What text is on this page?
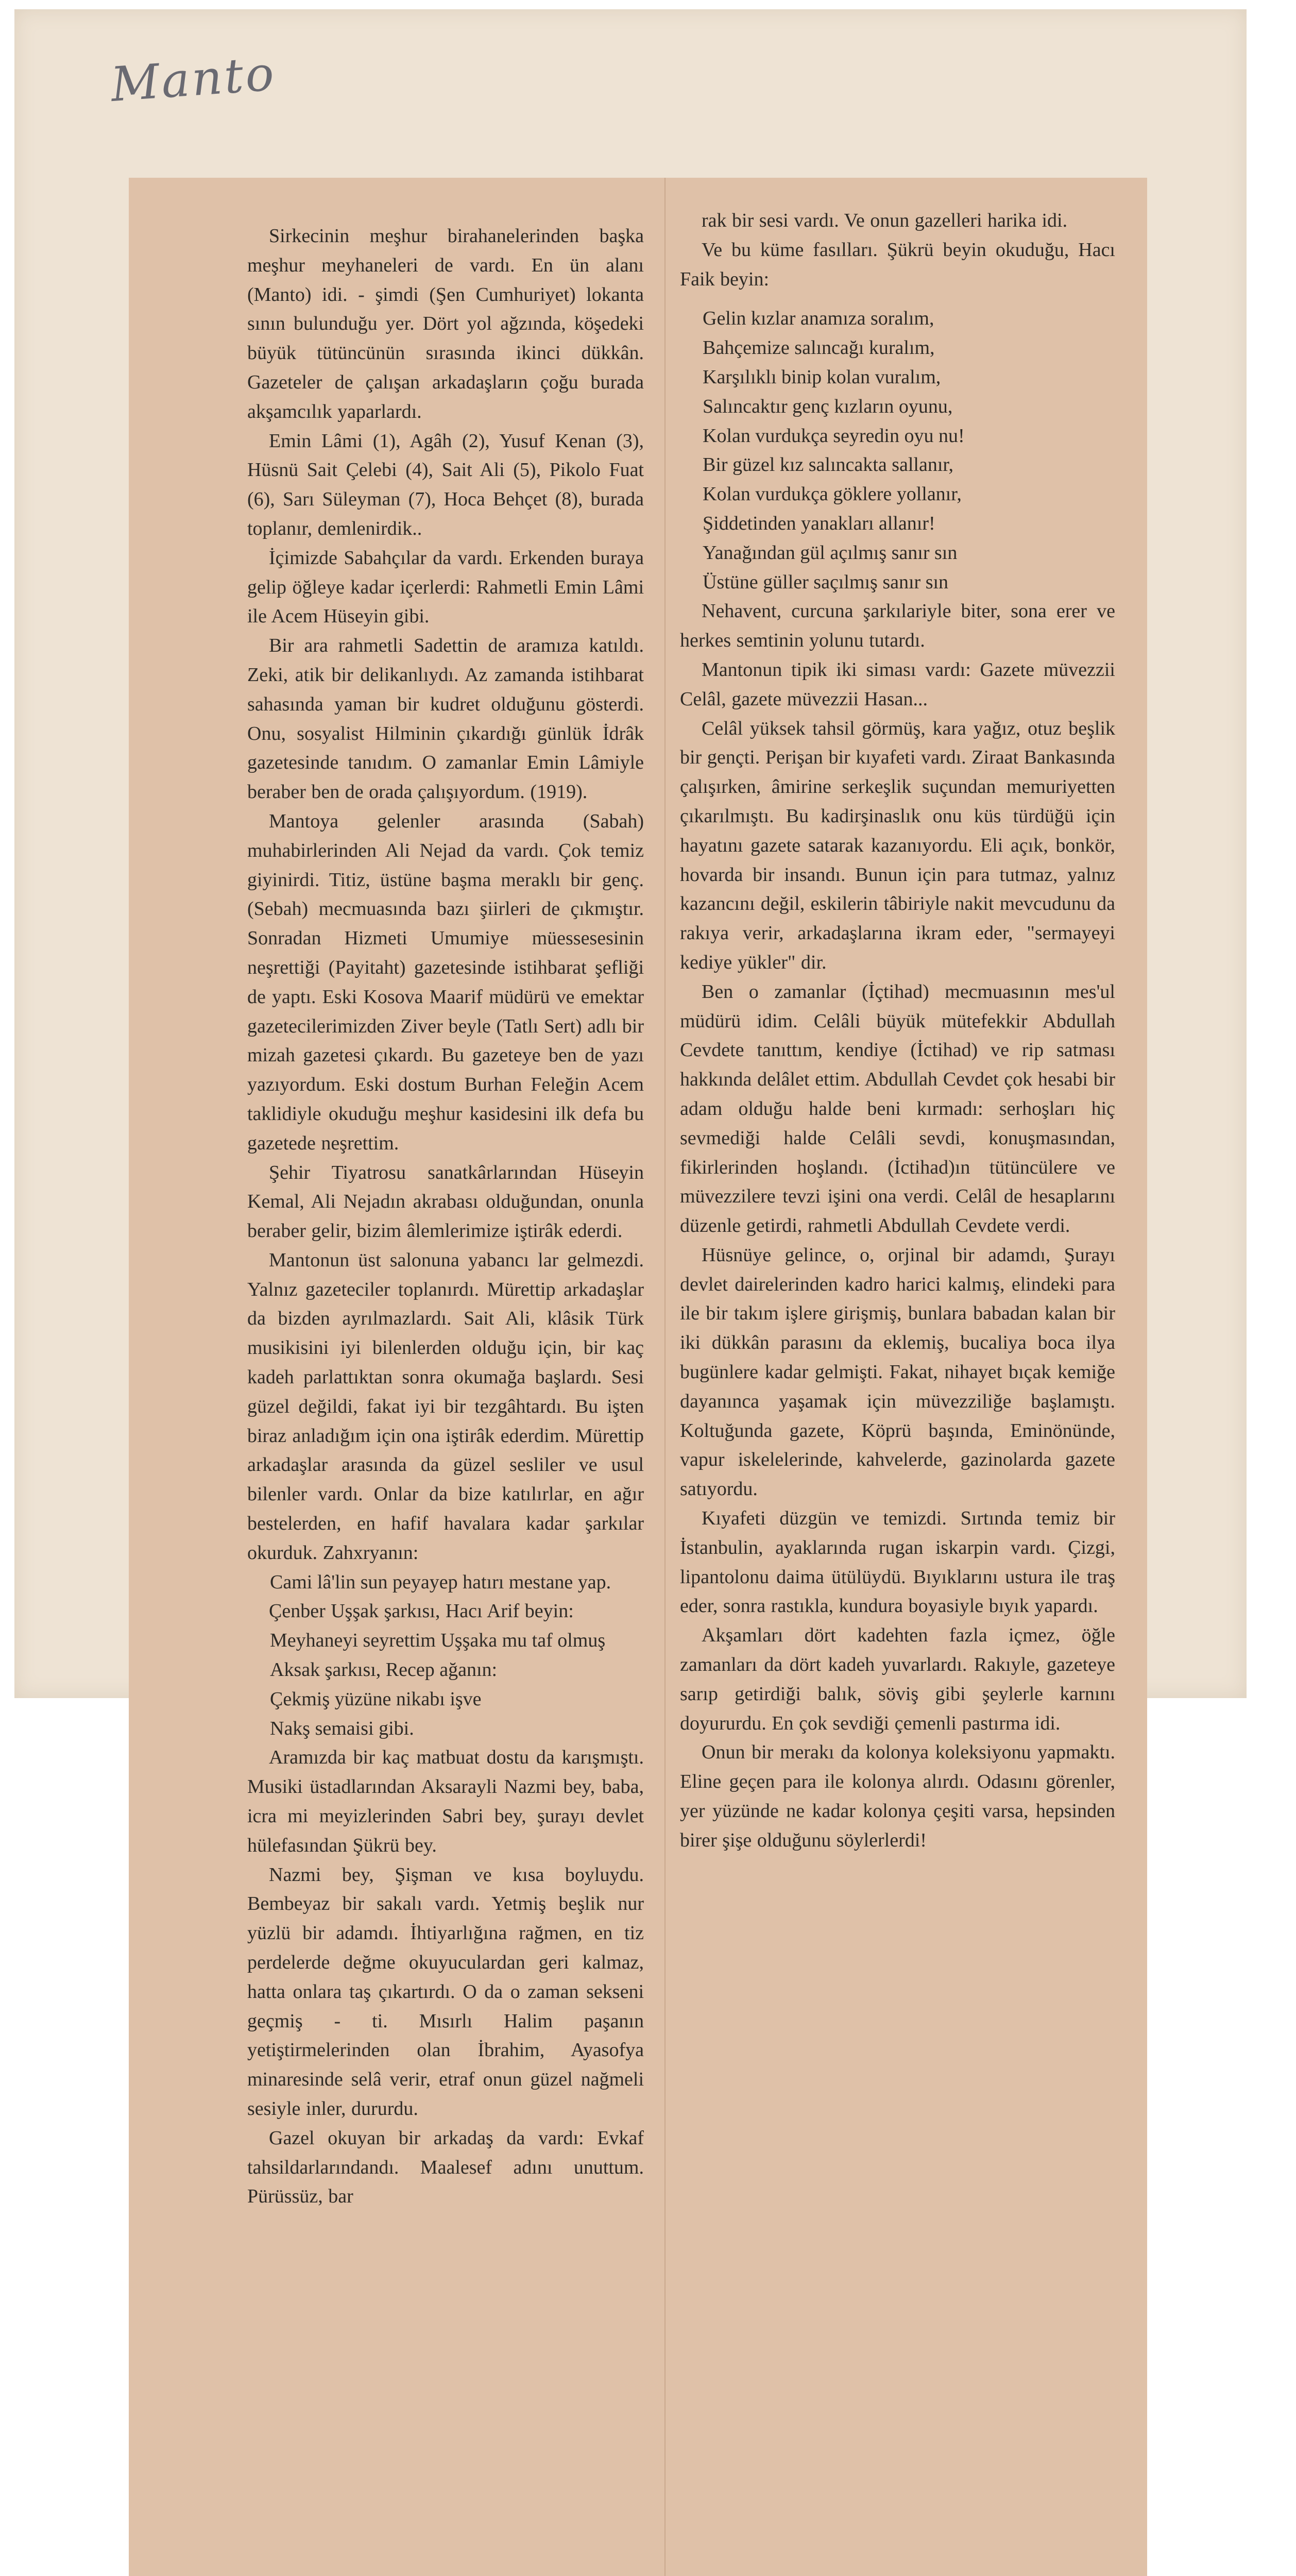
Manto

Sirkecinin meşhur birahanelerinden başka meşhur meyhaneleri de vardı. En ün alanı (Manto) idi. - şimdi (Şen Cumhuriyet) lokanta sının bulunduğu yer. Dört yol ağzında, köşedeki büyük tütüncünün sırasında ikinci dükkân. Gazeteler de çalışan arkadaşların çoğu burada akşamcılık yaparlardı.

Emin Lâmi (1), Agâh (2), Yusuf Kenan (3), Hüsnü Sait Çelebi (4), Sait Ali (5), Pikolo Fuat (6), Sarı Süleyman (7), Hoca Behçet (8), burada toplanır, demlenirdik..

İçimizde Sabahçılar da vardı. Erkenden buraya gelip öğleye kadar içerlerdi: Rahmetli Emin Lâmi ile Acem Hüseyin gibi.

Bir ara rahmetli Sadettin de aramıza katıldı. Zeki, atik bir delikanlıydı. Az zamanda istihbarat sahasında yaman bir kudret olduğunu gösterdi. Onu, sosyalist Hilminin çıkardığı günlük İdrâk gazetesinde tanıdım. O zamanlar Emin Lâmiyle beraber ben de orada çalışıyordum. (1919).

Mantoya gelenler arasında (Sabah) muhabirlerinden Ali Nejad da vardı. Çok temiz giyinirdi. Titiz, üstüne başma meraklı bir genç. (Sebah) mecmuasında bazı şiirleri de çıkmıştır. Sonradan Hizmeti Umumiye müessesesinin neşrettiği (Payitaht) gazetesinde istihbarat şefliği de yaptı. Eski Kosova Maarif müdürü ve emektar gazetecilerimizden Ziver beyle (Tatlı Sert) adlı bir mizah gazetesi çıkardı. Bu gazeteye ben de yazı yazıyordum. Eski dostum Burhan Feleğin Acem taklidiyle okuduğu meşhur kasidesini ilk defa bu gazetede neşrettim.

Şehir Tiyatrosu sanatkârlarından Hüseyin Kemal, Ali Nejadın akrabası olduğundan, onunla beraber gelir, bizim âlemlerimize iştirâk ederdi.

Mantonun üst salonuna yabancı lar gelmezdi. Yalnız gazeteciler toplanırdı. Mürettip arkadaşlar da bizden ayrılmazlardı. Sait Ali, klâsik Türk musikisini iyi bilenlerden olduğu için, bir kaç kadeh parlattıktan sonra okumağa başlardı. Sesi güzel değildi, fakat iyi bir tezgâhtardı. Bu işten biraz anladığım için ona iştirâk ederdim. Mürettip arkadaşlar arasında da güzel sesliler ve usul bilenler vardı. Onlar da bize katılırlar, en ağır bestelerden, en hafif havalara kadar şarkılar okurduk. Zahxryanın:

Cami lâ'lin sun peyayep hatırı mestane yap.

Çenber Uşşak şarkısı, Hacı Arif beyin:

Meyhaneyi seyrettim Uşşaka mu taf olmuş

Aksak şarkısı, Recep ağanın:

Çekmiş yüzüne nikabı işve

Nakş semaisi gibi.

Aramızda bir kaç matbuat dostu da karışmıştı. Musiki üstadlarından Aksarayli Nazmi bey, baba, icra mi meyizlerinden Sabri bey, şurayı devlet hülefasından Şükrü bey.

Nazmi bey, Şişman ve kısa boyluydu. Bembeyaz bir sakalı vardı. Yetmiş beşlik nur yüzlü bir adamdı. İhtiyarlığına rağmen, en tiz perdelerde değme okuyuculardan geri kalmaz, hatta onlara taş çıkartırdı. O da o zaman sekseni geçmiş - ti. Mısırlı Halim paşanın yetiştirmelerinden olan İbrahim, Ayasofya minaresinde selâ verir, etraf onun güzel nağmeli sesiyle inler, dururdu.

Gazel okuyan bir arkadaş da vardı: Evkaf tahsildarlarındandı. Maalesef adını unuttum. Pürüssüz, bar

rak bir sesi vardı. Ve onun gazelleri harika idi.

Ve bu küme fasılları. Şükrü beyin okuduğu, Hacı Faik beyin:

Gelin kızlar anamıza soralım,

Bahçemize salıncağı kuralım,

Karşılıklı binip kolan vuralım,

Salıncaktır genç kızların oyunu,

Kolan vurdukça seyredin oyu nu!

Bir güzel kız salıncakta sallanır,

Kolan vurdukça göklere yollanır,

Şiddetinden yanakları allanır!

Yanağından gül açılmış sanır sın

Üstüne güller saçılmış sanır sın

Nehavent, curcuna şarkılariyle biter, sona erer ve herkes semtinin yolunu tutardı.

Mantonun tipik iki siması vardı: Gazete müvezzii Celâl, gazete müvezzii Hasan...

Celâl yüksek tahsil görmüş, kara yağız, otuz beşlik bir gençti. Perişan bir kıyafeti vardı. Ziraat Bankasında çalışırken, âmirine serkeşlik suçundan memuriyetten çıkarılmıştı. Bu kadirşinaslık onu küs türdüğü için hayatını gazete satarak kazanıyordu. Eli açık, bonkör, hovarda bir insandı. Bunun için para tutmaz, yalnız kazancını değil, eskilerin tâbiriyle nakit mevcudunu da rakıya verir, arkadaşlarına ikram eder, "sermayeyi kediye yükler" dir.

Ben o zamanlar (İçtihad) mecmuasının mes'ul müdürü idim. Celâli büyük mütefekkir Abdullah Cevdete tanıttım, kendiye (İctihad) ve rip satması hakkında delâlet ettim. Abdullah Cevdet çok hesabi bir adam olduğu halde beni kırmadı: serhoşları hiç sevmediği halde Celâli sevdi, konuşmasından, fikirlerinden hoşlandı. (İctihad)ın tütüncülere ve müvezzilere tevzi işini ona verdi. Celâl de hesaplarını düzenle getirdi, rahmetli Abdullah Cevdete verdi.

Hüsnüye gelince, o, orjinal bir adamdı, Şurayı devlet dairelerinden kadro harici kalmış, elindeki para ile bir takım işlere girişmiş, bunlara babadan kalan bir iki dükkân parasını da eklemiş, bucaliya boca ilya bugünlere kadar gelmişti. Fakat, nihayet bıçak kemiğe dayanınca yaşamak için müvezziliğe başlamıştı. Koltuğunda gazete, Köprü başında, Eminönünde, vapur iskelelerinde, kahvelerde, gazinolarda gazete satıyordu.

Kıyafeti düzgün ve temizdi. Sırtında temiz bir İstanbulin, ayaklarında rugan iskarpin vardı. Çizgi, lipantolonu daima ütülüydü. Bıyıklarını ustura ile traş eder, sonra rastıkla, kundura boyasiyle bıyık yapardı.

Akşamları dört kadehten fazla içmez, öğle zamanları da dört kadeh yuvarlardı. Rakıyle, gazeteye sarıp getirdiği balık, söviş gibi şeylerle karnını doyururdu. En çok sevdiği çemenli pastırma idi.

Onun bir merakı da kolonya koleksiyonu yapmaktı. Eline geçen para ile kolonya alırdı. Odasını görenler, yer yüzünde ne kadar kolonya çeşiti varsa, hepsinden birer şişe olduğunu söylerlerdi!
